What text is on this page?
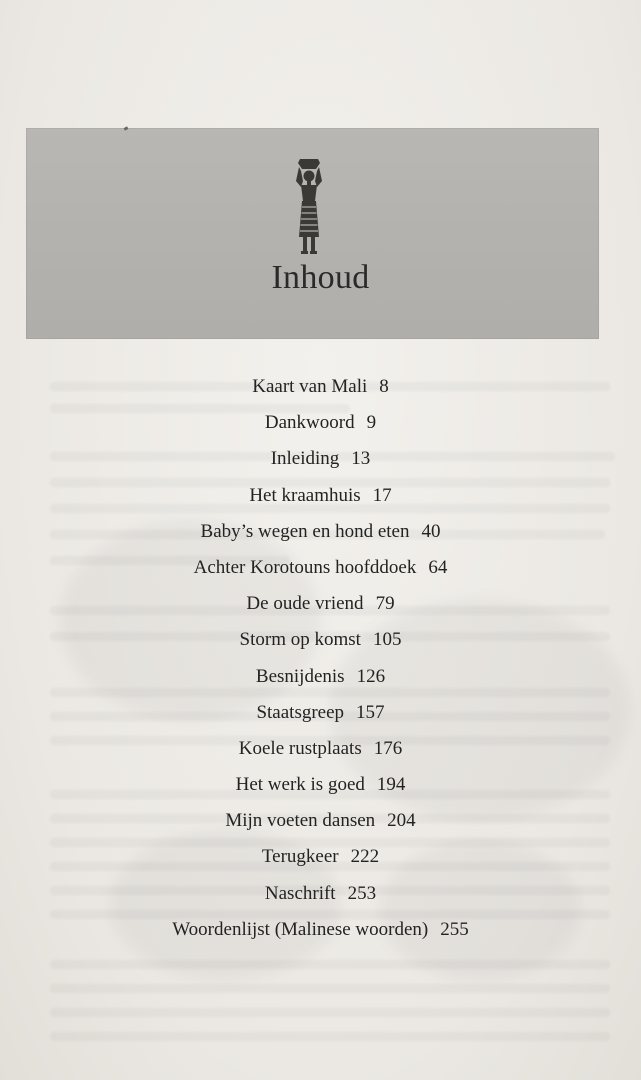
Inhoud
Kaart van Mali 8
Dankwoord 9
Inleiding 13
Het kraamhuis 17
Baby’s wegen en hond eten 40
Achter Korotouns hoofddoek 64
De oude vriend 79
Storm op komst 105
Besnijdenis 126
Staatsgreep 157
Koele rustplaats 176
Het werk is goed 194
Mijn voeten dansen 204
Terugkeer 222
Naschrift 253
Woordenlijst (Malinese woorden) 255
